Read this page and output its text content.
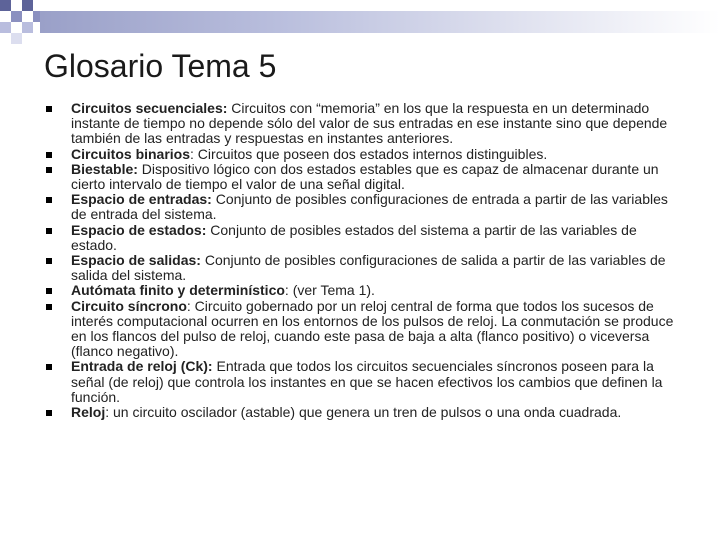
Glosario Tema 5
Circuitos secuenciales: Circuitos con “memoria” en los que la respuesta en un determinado instante de tiempo no depende sólo del valor de sus entradas en ese instante sino que depende también de las entradas y respuestas en instantes anteriores.
Circuitos binarios: Circuitos que poseen dos estados internos distinguibles.
Biestable: Dispositivo lógico con dos estados estables que es capaz de almacenar durante un cierto intervalo de tiempo el valor de una señal digital.
Espacio de entradas: Conjunto de posibles configuraciones de entrada a partir de las variables de entrada del sistema.
Espacio de estados: Conjunto de posibles estados del sistema a partir de las variables de estado.
Espacio de salidas: Conjunto de posibles configuraciones de salida a partir de las variables de salida del sistema.
Autómata finito y determinístico: (ver Tema 1).
Circuito síncrono: Circuito gobernado por un reloj central de forma que todos los sucesos de interés computacional ocurren en los entornos de los pulsos de reloj. La conmutación se produce en los flancos del pulso de reloj, cuando este pasa de baja a alta (flanco positivo) o viceversa (flanco negativo).
Entrada de reloj (Ck): Entrada que todos los circuitos secuenciales síncronos poseen para la señal (de reloj) que controla los instantes en que se hacen efectivos los cambios que definen la función.
Reloj: un circuito oscilador (astable) que genera un tren de pulsos o una onda cuadrada.
